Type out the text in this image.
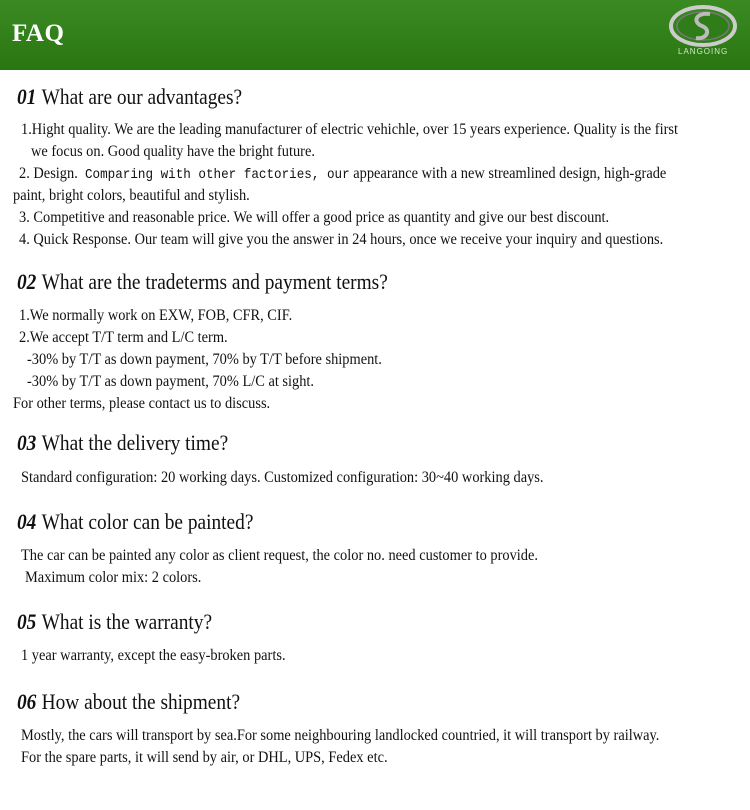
FAQ
LANGOING
01 What are our advantages?
1.Hight quality. We are the leading manufacturer of electric vehichle, over 15 years experience. Quality is the first
we focus on. Good quality have the bright future.
2. Design. Comparing with other factories, our appearance with a new streamlined design, high-grade
paint, bright colors, beautiful and stylish.
3. Competitive and reasonable price. We will offer a good price as quantity and give our best discount.
4. Quick Response. Our team will give you the answer in 24 hours, once we receive your inquiry and questions.
02 What are the tradeterms and payment terms?
1.We normally work on EXW, FOB, CFR, CIF.
2.We accept T/T term and L/C term.
-30% by T/T as down payment, 70% by T/T before shipment.
-30% by T/T as down payment, 70% L/C at sight.
For other terms, please contact us to discuss.
03 What the delivery time?
Standard configuration: 20 working days. Customized configuration: 30~40 working days.
04 What color can be painted?
The car can be painted any color as client request, the color no. need customer to provide.
Maximum color mix: 2 colors.
05 What is the warranty?
1 year warranty, except the easy-broken parts.
06 How about the shipment?
Mostly, the cars will transport by sea.For some neighbouring landlocked countried, it will transport by railway.
For the spare parts, it will send by air, or DHL, UPS, Fedex etc.
